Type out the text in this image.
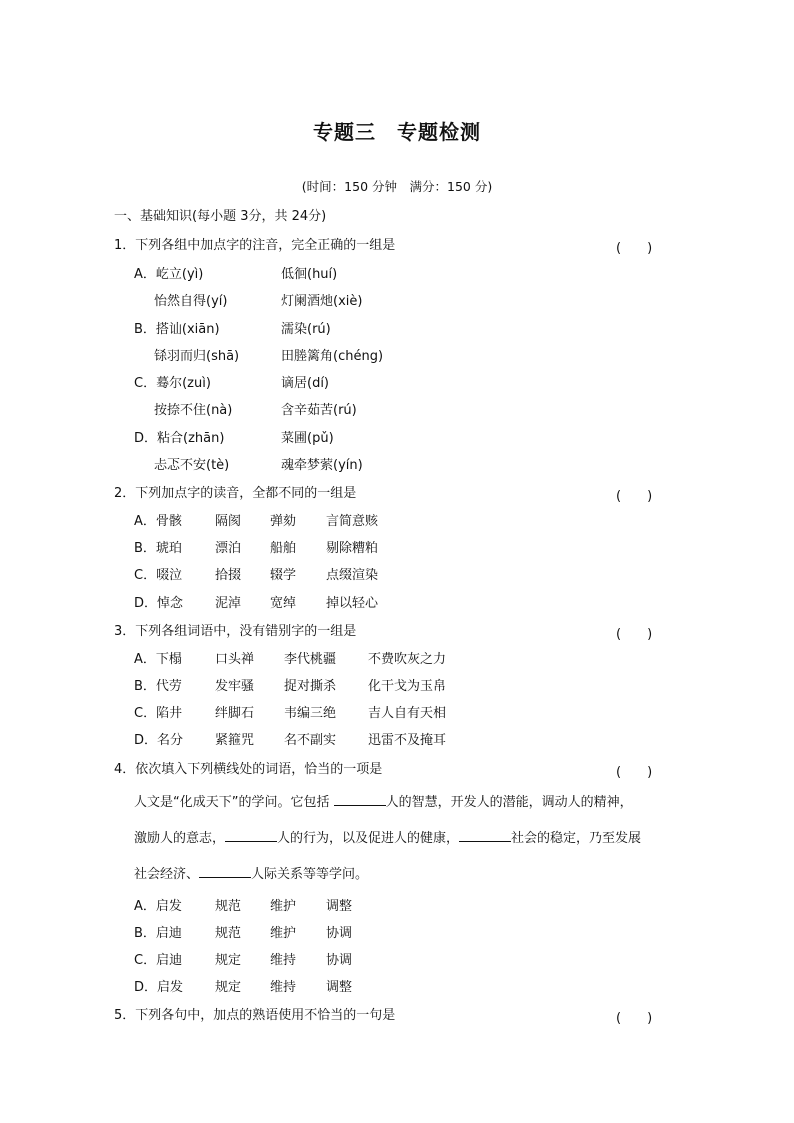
专题三　专题检测
(时间：150 分钟　满分：150 分)
一、基础知识(每小题 3分，共 24分)
1．下列各组中加点字的注音，完全正确的一组是	(　　)
A．屹立(yì)	低徊(huí)
怡然自得(yí)	灯阑酒灺(xiè)
B．搭讪(xiān)	濡染(rú)
铩羽而归(shā)	田塍篱角(chéng)
C．蓦尔(zuì)	谪居(dí)
按捺不住(nà)	含辛茹苦(rú)
D．粘合(zhān)	菜圃(pǔ)
忐忑不安(tè)	魂牵梦萦(yín)
2．下列加点字的读音，全都不同的一组是	(　　)
A．骨骸	隔阂 弹劾 言简意赅
B．琥珀	漂泊 船舶 剔除糟粕
C．啜泣	拾掇 辍学 点缀渲染
D．悼念 泥淖 宽绰 掉以轻心
3．下列各组词语中，没有错别字的一组是	(　　)
A．下榻	口头禅 李代桃疆 不费吹灰之力
B．代劳	发牢骚 捉对撕杀 化干戈为玉帛
C．陷井	绊脚石 韦编三绝 吉人自有天相
D．名分 紧箍咒 名不副实 迅雷不及掩耳
4．依次填入下列横线处的词语，恰当的一项是	(　　)
人文是“化成天下”的学问。它包括	人的智慧，开发人的潜能，调动人的精神，
激励人的意志，	人的行为，以及促进人的健康，	社会的稳定，乃至发展
社会经济、	人际关系等等学问。
A．启发	规范 维护 调整
B．启迪	规范 维护 协调
C．启迪	规定 维持 协调
D．启发 规定 维持 调整
5．下列各句中，加点的熟语使用不恰当的一句是	(　　)
